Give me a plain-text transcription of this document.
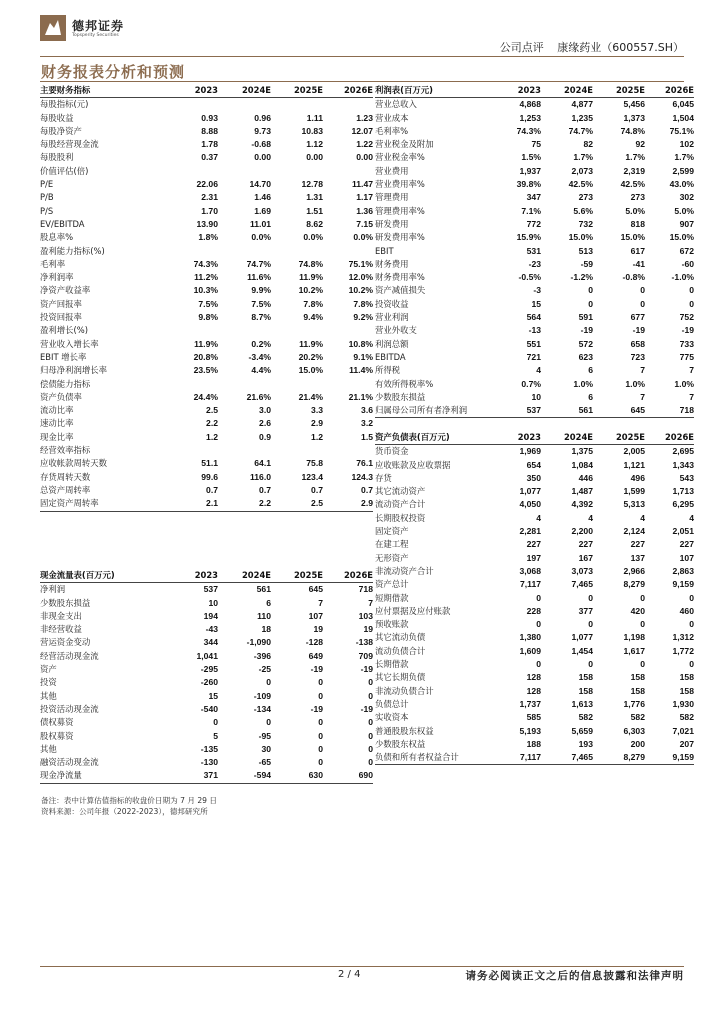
德邦证券
Topsperity Securities
公司点评 康缘药业（600557.SH）
财务报表分析和预测
主要财务指标	2023	2024E	2025E	2026E
每股指标(元)				
每股收益	0.93	0.96	1.11	1.23
每股净资产	8.88	9.73	10.83	12.07
每股经营现金流	1.78	-0.68	1.12	1.22
每股股利	0.37	0.00	0.00	0.00
价值评估(倍)				
P/E	22.06	14.70	12.78	11.47
P/B	2.31	1.46	1.31	1.17
P/S	1.70	1.69	1.51	1.36
EV/EBITDA	13.90	11.01	8.62	7.15
股息率%	1.8%	0.0%	0.0%	0.0%
盈利能力指标(%)				
毛利率	74.3%	74.7%	74.8%	75.1%
净利润率	11.2%	11.6%	11.9%	12.0%
净资产收益率	10.3%	9.9%	10.2%	10.2%
资产回报率	7.5%	7.5%	7.8%	7.8%
投资回报率	9.8%	8.7%	9.4%	9.2%
盈利增长(%)				
营业收入增长率	11.9%	0.2%	11.9%	10.8%
EBIT 增长率	20.8%	-3.4%	20.2%	9.1%
归母净利润增长率	23.5%	4.4%	15.0%	11.4%
偿债能力指标				
资产负债率	24.4%	21.6%	21.4%	21.1%
流动比率	2.5	3.0	3.3	3.6
速动比率	2.2	2.6	2.9	3.2
现金比率	1.2	0.9	1.2	1.5
经营效率指标				
应收帐款周转天数	51.1	64.1	75.8	76.1
存货周转天数	99.6	116.0	123.4	124.3
总资产周转率	0.7	0.7	0.7	0.7
固定资产周转率	2.1	2.2	2.5	2.9
现金流量表(百万元)	2023	2024E	2025E	2026E
净利润	537	561	645	718
少数股东损益	10	6	7	7
非现金支出	194	110	107	103
非经营收益	-43	18	19	19
营运资金变动	344	-1,090	-128	-138
经营活动现金流	1,041	-396	649	709
资产	-295	-25	-19	-19
投资	-260	0	0	0
其他	15	-109	0	0
投资活动现金流	-540	-134	-19	-19
债权募资	0	0	0	0
股权募资	5	-95	0	0
其他	-135	30	0	0
融资活动现金流	-130	-65	0	0
现金净流量	371	-594	630	690
利润表(百万元)	2023	2024E	2025E	2026E
营业总收入	4,868	4,877	5,456	6,045
营业成本	1,253	1,235	1,373	1,504
毛利率%	74.3%	74.7%	74.8%	75.1%
营业税金及附加	75	82	92	102
营业税金率%	1.5%	1.7%	1.7%	1.7%
营业费用	1,937	2,073	2,319	2,599
营业费用率%	39.8%	42.5%	42.5%	43.0%
管理费用	347	273	273	302
管理费用率%	7.1%	5.6%	5.0%	5.0%
研发费用	772	732	818	907
研发费用率%	15.9%	15.0%	15.0%	15.0%
EBIT	531	513	617	672
财务费用	-23	-59	-41	-60
财务费用率%	-0.5%	-1.2%	-0.8%	-1.0%
资产减值损失	-3	0	0	0
投资收益	15	0	0	0
营业利润	564	591	677	752
营业外收支	-13	-19	-19	-19
利润总额	551	572	658	733
EBITDA	721	623	723	775
所得税	4	6	7	7
有效所得税率%	0.7%	1.0%	1.0%	1.0%
少数股东损益	10	6	7	7
归属母公司所有者净利润	537	561	645	718
资产负债表(百万元)	2023	2024E	2025E	2026E
货币资金	1,969	1,375	2,005	2,695
应收账款及应收票据	654	1,084	1,121	1,343
存货	350	446	496	543
其它流动资产	1,077	1,487	1,599	1,713
流动资产合计	4,050	4,392	5,313	6,295
长期股权投资	4	4	4	4
固定资产	2,281	2,200	2,124	2,051
在建工程	227	227	227	227
无形资产	197	167	137	107
非流动资产合计	3,068	3,073	2,966	2,863
资产总计	7,117	7,465	8,279	9,159
短期借款	0	0	0	0
应付票据及应付账款	228	377	420	460
预收账款	0	0	0	0
其它流动负债	1,380	1,077	1,198	1,312
流动负债合计	1,609	1,454	1,617	1,772
长期借款	0	0	0	0
其它长期负债	128	158	158	158
非流动负债合计	128	158	158	158
负债总计	1,737	1,613	1,776	1,930
实收资本	585	582	582	582
普通股股东权益	5,193	5,659	6,303	7,021
少数股东权益	188	193	200	207
负债和所有者权益合计	7,117	7,465	8,279	9,159
备注：表中计算估值指标的收盘价日期为 7 月 29 日
资料来源：公司年报（2022-2023），德邦研究所
2 / 4	请务必阅读正文之后的信息披露和法律声明
